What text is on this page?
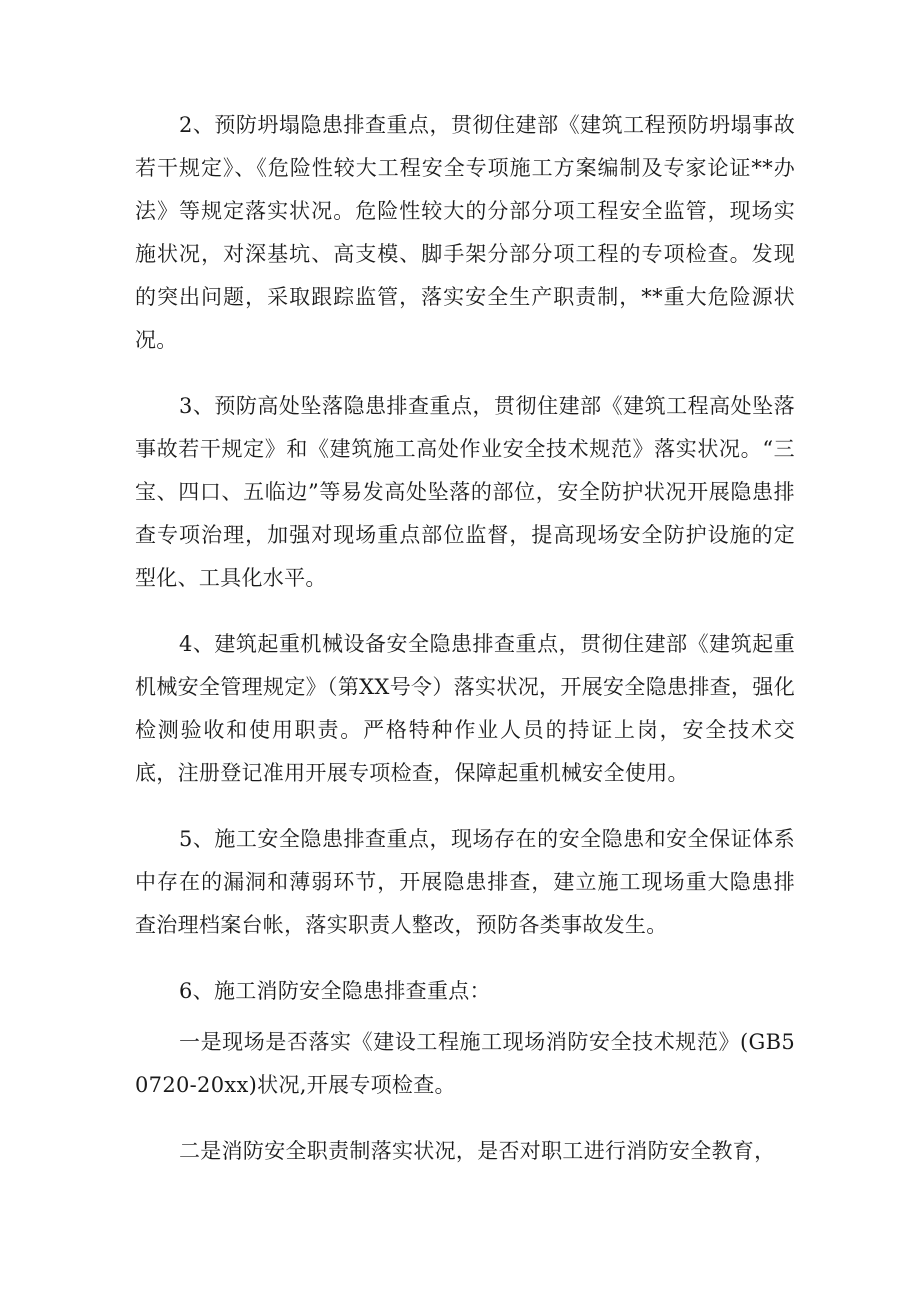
2、预防坍塌隐患排查重点，贯彻住建部《建筑工程预防坍塌事故若干规定》、《危险性较大工程安全专项施工方案编制及专家论证**办法》等规定落实状况。危险性较大的分部分项工程安全监管，现场实施状况，对深基坑、高支模、脚手架分部分项工程的专项检查。发现的突出问题，采取跟踪监管，落实安全生产职责制，**重大危险源状况。

3、预防高处坠落隐患排查重点，贯彻住建部《建筑工程高处坠落事故若干规定》和《建筑施工高处作业安全技术规范》落实状况。“三宝、四口、五临边”等易发高处坠落的部位，安全防护状况开展隐患排查专项治理，加强对现场重点部位监督，提高现场安全防护设施的定型化、工具化水平。

4、建筑起重机械设备安全隐患排查重点，贯彻住建部《建筑起重机械安全管理规定》（第XX号令）落实状况，开展安全隐患排查，强化检测验收和使用职责。严格特种作业人员的持证上岗，安全技术交底，注册登记准用开展专项检查，保障起重机械安全使用。

5、施工安全隐患排查重点，现场存在的安全隐患和安全保证体系中存在的漏洞和薄弱环节，开展隐患排查，建立施工现场重大隐患排查治理档案台帐，落实职责人整改，预防各类事故发生。

6、施工消防安全隐患排查重点：

一是现场是否落实《建设工程施工现场消防安全技术规范》(GB50720-20xx)状况,开展专项检查。

二是消防安全职责制落实状况，是否对职工进行消防安全教育，
